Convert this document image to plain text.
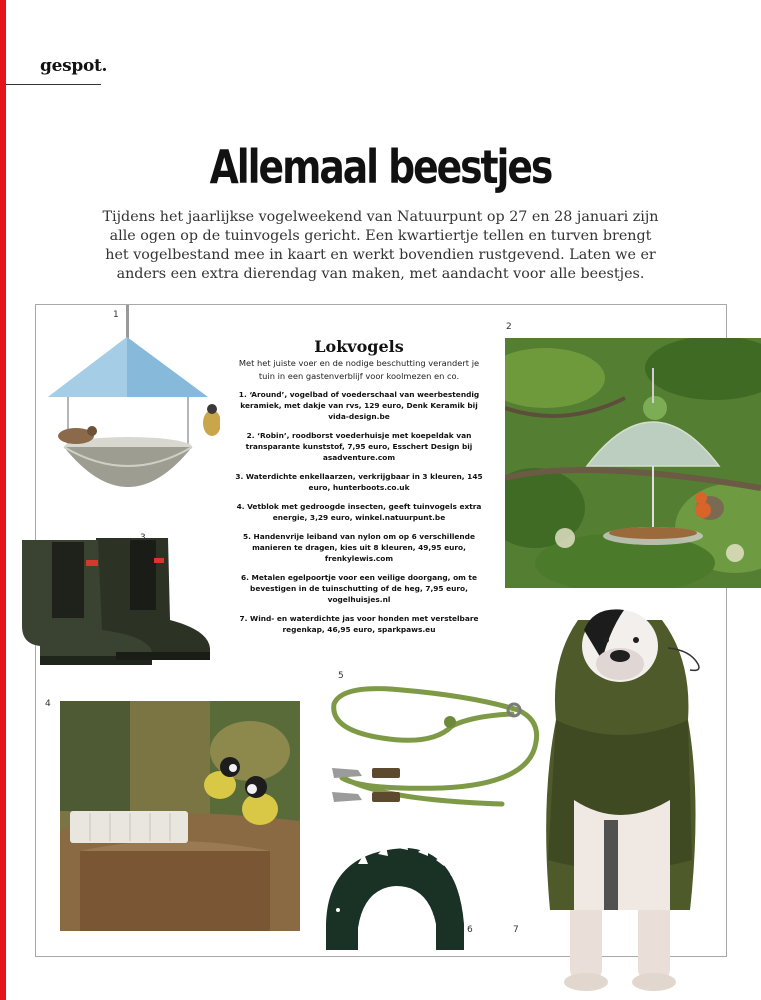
gespot.
Allemaal beestjes

Tijdens het jaarlijkse vogelweekend van Natuurpunt op 27 en 28 januari zijn alle ogen op de tuinvogels gericht. Een kwartiertje tellen en turven brengt het vogelbestand mee in kaart en werkt bovendien rustgevend. Laten we er anders een extra dierendag van maken, met aandacht voor alle beestjes.

1
2
3
4
5
6	7
Lokvogels

Met het juiste voer en de nodige beschutting verandert je tuin in een gastenverblijf voor koolmezen en co.

1. ‘Around’, vogelbad of voederschaal van weerbestendig keramiek, met dakje van rvs, 129 euro, Denk Keramik bij vida-design.be
2. ‘Robin’, roodborst voederhuisje met koepeldak van transparante kunststof, 7,95 euro, Esschert Design bij asadventure.com
3. Waterdichte enkellaarzen, verkrijgbaar in 3 kleuren, 145 euro, hunterboots.co.uk
4. Vetblok met gedroogde insecten, geeft tuinvogels extra energie, 3,29 euro, winkel.natuurpunt.be
5. Handenvrije leiband van nylon om op 6 verschillende manieren te dragen, kies uit 8 kleuren, 49,95 euro, frenkylewis.com
6. Metalen egelpoortje voor een veilige doorgang, om te bevestigen in de tuinschutting of de heg, 7,95 euro, vogelhuisjes.nl
7. Wind- en waterdichte jas voor honden met verstelbare regenkap, 46,95 euro, sparkpaws.eu
